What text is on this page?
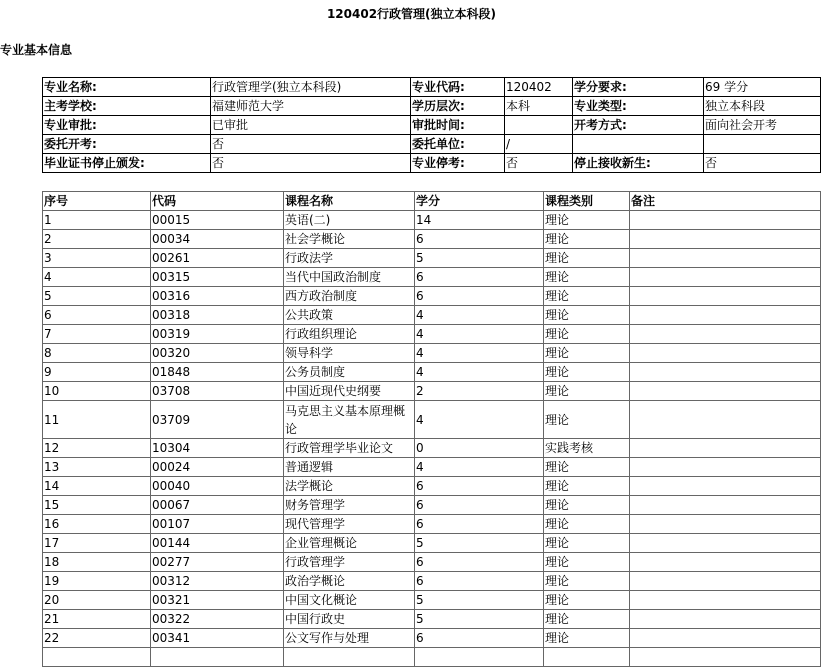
120402行政管理(独立本科段)
专业基本信息
专业名称:	行政管理学(独立本科段)	专业代码:	120402	学分要求:	69 学分
主考学校:	福建师范大学	学历层次:	本科	专业类型:	独立本科段
专业审批:	已审批	审批时间:		开考方式:	面向社会开考
委托开考:	否	委托单位:	/		
毕业证书停止颁发:	否	专业停考:	否	停止接收新生:	否
序号	代码	课程名称	学分	课程类别	备注
1	00015	英语(二)	14	理论	
2	00034	社会学概论	6	理论	
3	00261	行政法学	5	理论	
4	00315	当代中国政治制度	6	理论	
5	00316	西方政治制度	6	理论	
6	00318	公共政策	4	理论	
7	00319	行政组织理论	4	理论	
8	00320	领导科学	4	理论	
9	01848	公务员制度	4	理论	
10	03708	中国近现代史纲要	2	理论	
11	03709	马克思主义基本原理概论	4	理论	
12	10304	行政管理学毕业论文	0	实践考核	
13	00024	普通逻辑	4	理论	
14	00040	法学概论	6	理论	
15	00067	财务管理学	6	理论	
16	00107	现代管理学	6	理论	
17	00144	企业管理概论	5	理论	
18	00277	行政管理学	6	理论	
19	00312	政治学概论	6	理论	
20	00321	中国文化概论	5	理论	
21	00322	中国行政史	5	理论	
22	00341	公文写作与处理	6	理论	
